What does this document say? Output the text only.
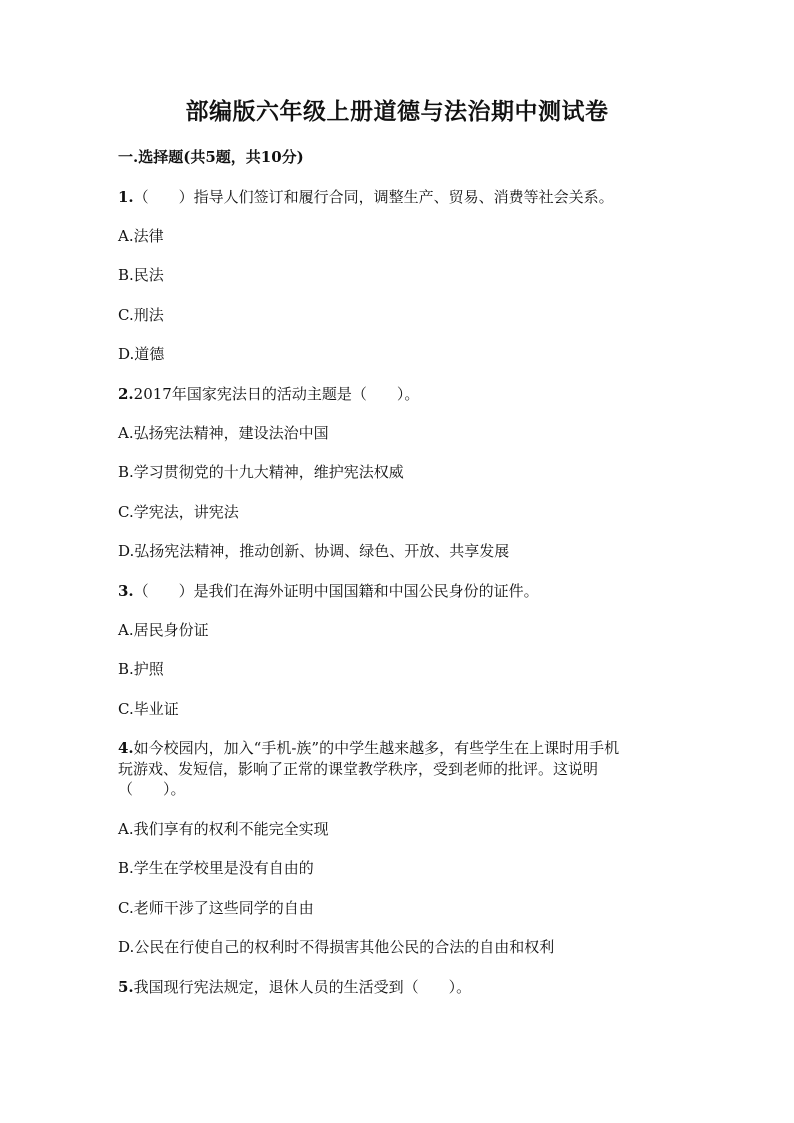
部编版六年级上册道德与法治期中测试卷

一.选择题(共5题，共10分)

1.（　　）指导人们签订和履行合同，调整生产、贸易、消费等社会关系。
A.法律
B.民法
C.刑法
D.道德
2.2017年国家宪法日的活动主题是（　　）。
A.弘扬宪法精神，建设法治中国
B.学习贯彻党的十九大精神，维护宪法权威
C.学宪法，讲宪法
D.弘扬宪法精神，推动创新、协调、绿色、开放、共享发展
3.（　　）是我们在海外证明中国国籍和中国公民身份的证件。
A.居民身份证
B.护照
C.毕业证
4.如今校园内，加入“手机-族”的中学生越来越多，有些学生在上课时用手机
玩游戏、发短信，影响了正常的课堂教学秩序，受到老师的批评。这说明
（　　）。
A.我们享有的权利不能完全实现
B.学生在学校里是没有自由的
C.老师干涉了这些同学的自由
D.公民在行使自己的权利时不得损害其他公民的合法的自由和权利
5.我国现行宪法规定，退休人员的生活受到（　　）。
